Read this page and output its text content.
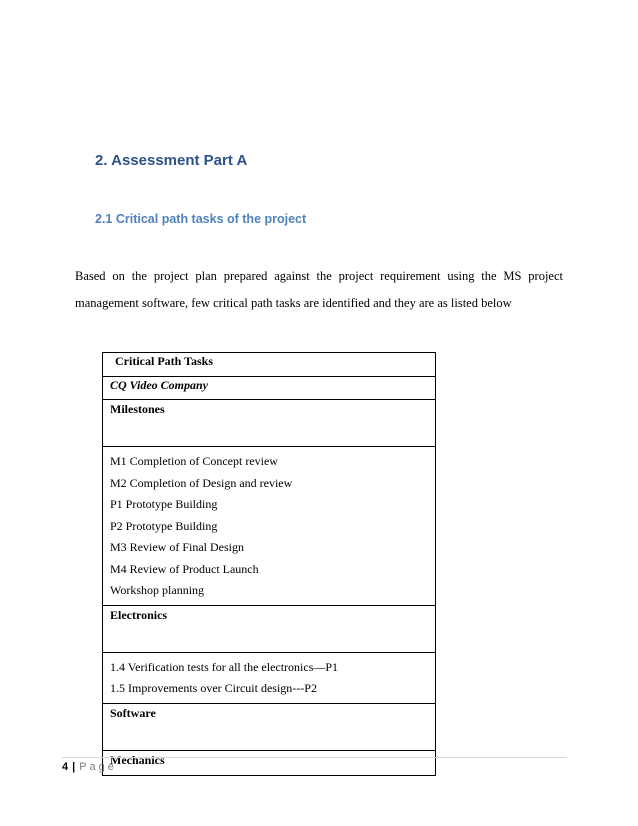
2. Assessment Part A
2.1 Critical path tasks of the project

Based on the project plan prepared against the project requirement using the MS project management software, few critical path tasks are identified and they are as listed below

Critical Path Tasks
CQ Video Company
Milestones

M1 Completion of Concept review
M2 Completion of Design and review
P1 Prototype Building
P2 Prototype Building
M3 Review of Final Design
M4 Review of Product Launch
Workshop planning

Electronics

1.4 Verification tests for all the electronics—P1
1.5 Improvements over Circuit design---P2

Software
Mechanics

4 | Page
